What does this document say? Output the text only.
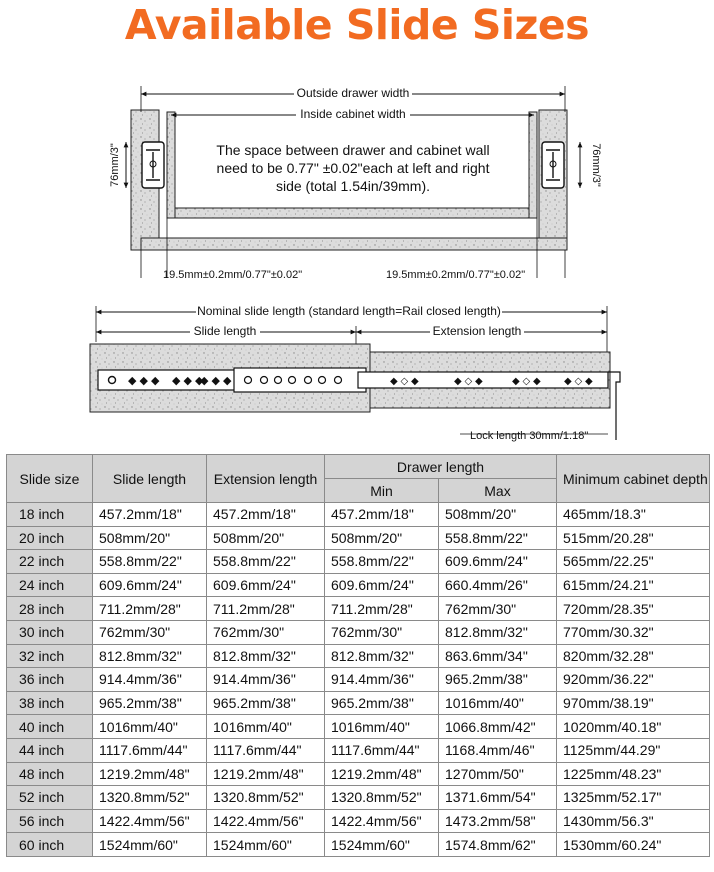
Available Slide Sizes
Outside drawer width
Inside cabinet width
The space between drawer and cabinet wall
need to be 0.77" ±0.02"each at left and right
side (total 1.54in/39mm).
76mm/3"	76mm/3"
19.5mm±0.2mm/0.77"±0.02"	19.5mm±0.2mm/0.77"±0.02"
Nominal slide length (standard length=Rail closed length)
Slide length	Extension length
◆ ◆ ◆ ◆ ◆ ◆
◆ ◆ ◆	◆ ◇ ◆	◆ ◇ ◆	◆ ◇ ◆ ◆ ◇ ◆
Lock length 30mm/1.18"
Slide size	Slide length	Extension length	Drawer length		Minimum cabinet depth
			Min	Max	
18 inch	457.2mm/18"	457.2mm/18"	457.2mm/18"	508mm/20"	465mm/18.3"
20 inch	508mm/20"	508mm/20"	508mm/20"	558.8mm/22"	515mm/20.28"
22 inch	558.8mm/22"	558.8mm/22"	558.8mm/22"	609.6mm/24"	565mm/22.25"
24 inch	609.6mm/24"	609.6mm/24"	609.6mm/24"	660.4mm/26"	615mm/24.21"
28 inch	711.2mm/28"	711.2mm/28"	711.2mm/28"	762mm/30"	720mm/28.35"
30 inch	762mm/30"	762mm/30"	762mm/30"	812.8mm/32"	770mm/30.32"
32 inch	812.8mm/32"	812.8mm/32"	812.8mm/32"	863.6mm/34"	820mm/32.28"
36 inch	914.4mm/36"	914.4mm/36"	914.4mm/36"	965.2mm/38"	920mm/36.22"
38 inch	965.2mm/38"	965.2mm/38"	965.2mm/38"	1016mm/40"	970mm/38.19"
40 inch	1016mm/40"	1016mm/40"	1016mm/40"	1066.8mm/42"	1020mm/40.18"
44 inch	1117.6mm/44"	1117.6mm/44"	1117.6mm/44"	1168.4mm/46"	1125mm/44.29"
48 inch	1219.2mm/48"	1219.2mm/48"	1219.2mm/48"	1270mm/50"	1225mm/48.23"
52 inch	1320.8mm/52"	1320.8mm/52"	1320.8mm/52"	1371.6mm/54"	1325mm/52.17"
56 inch	1422.4mm/56"	1422.4mm/56"	1422.4mm/56"	1473.2mm/58"	1430mm/56.3"
60 inch	1524mm/60"	1524mm/60"	1524mm/60"	1574.8mm/62"	1530mm/60.24"
